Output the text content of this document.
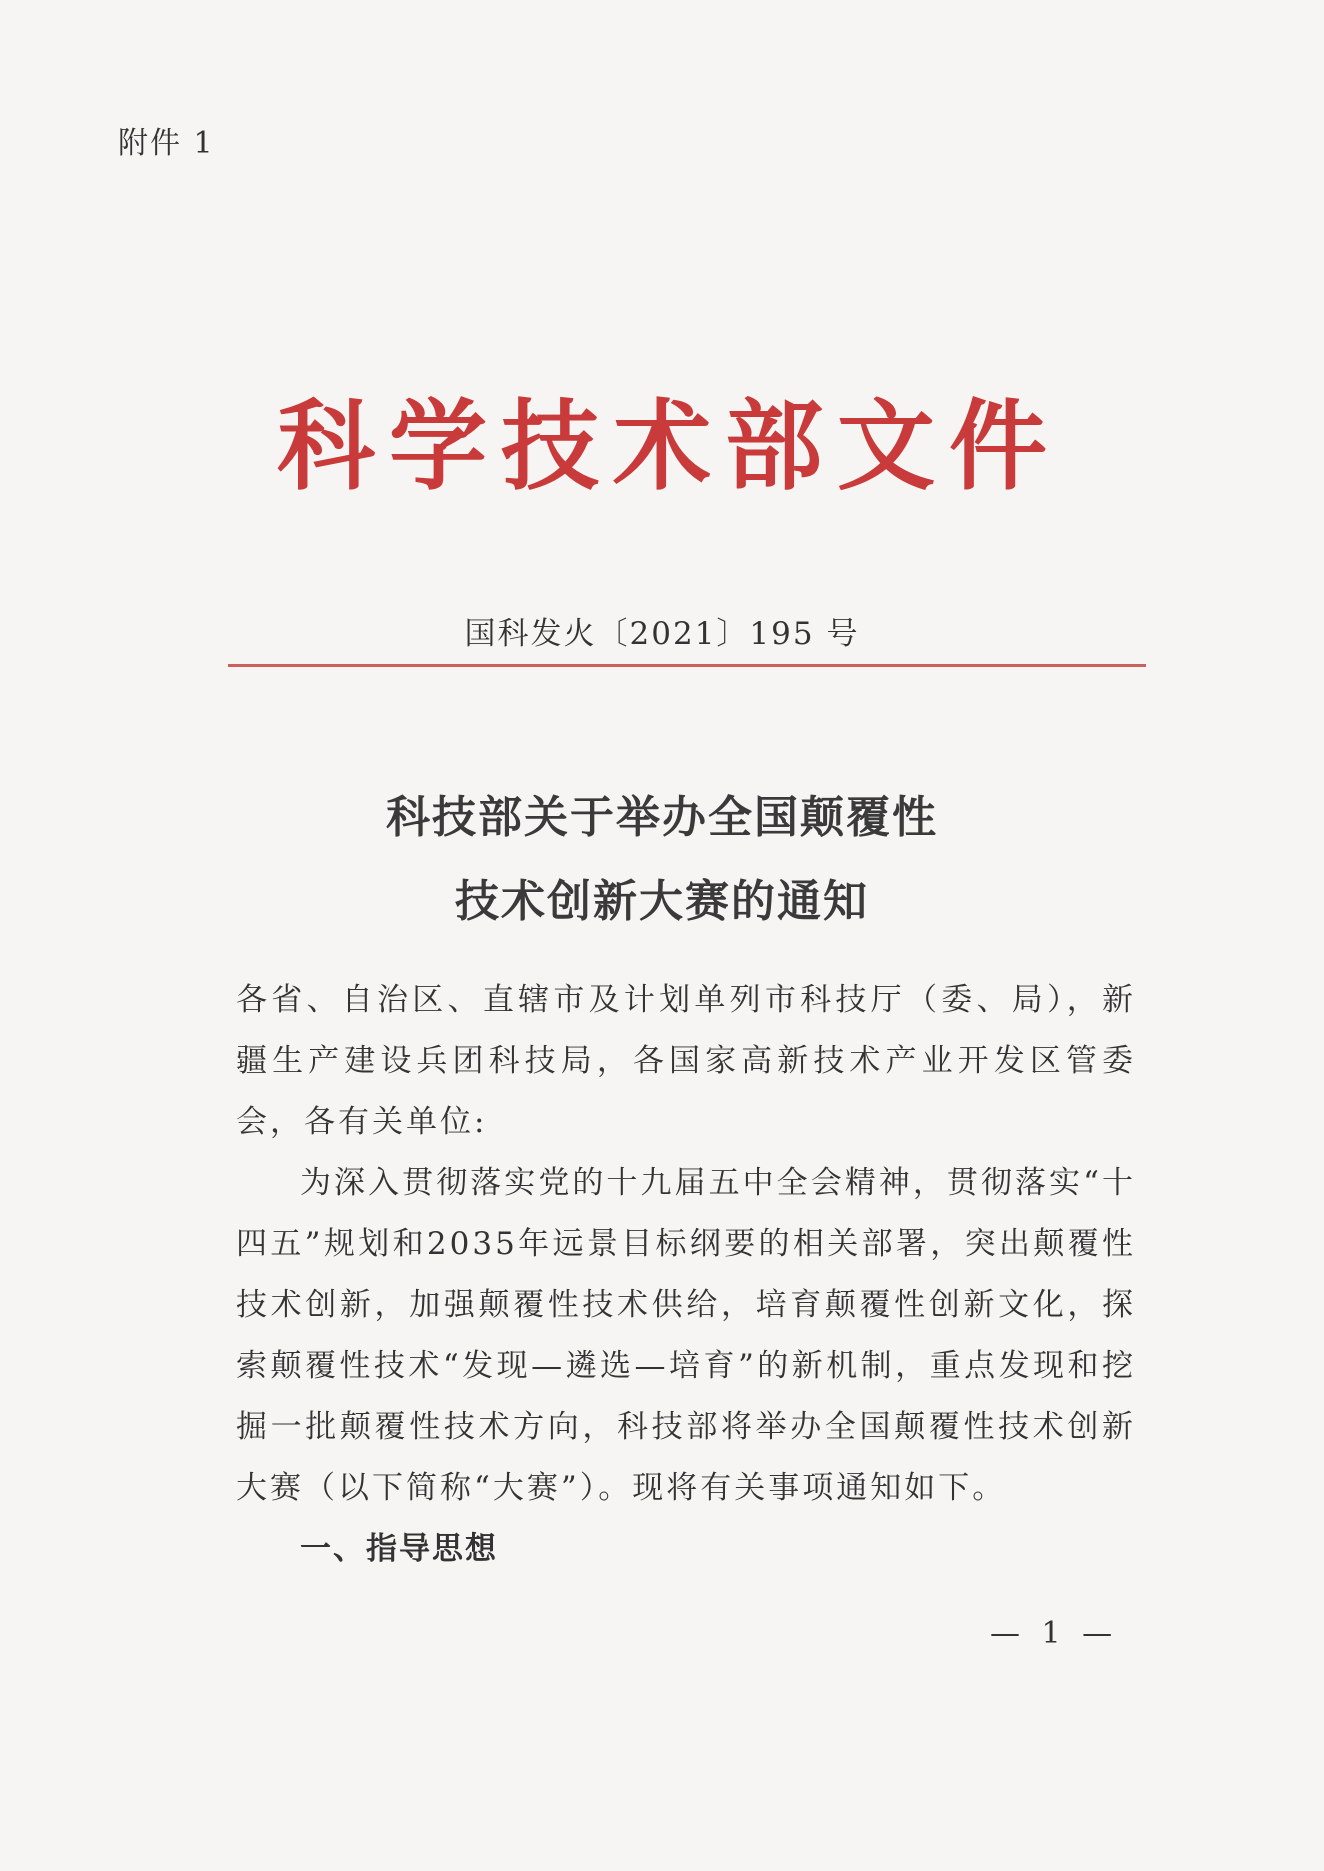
附件 1
科学技术部文件
国科发火〔2021〕195 号
科技部关于举办全国颠覆性
技术创新大赛的通知

各省、自治区、直辖市及计划单列市科技厅（委、局），新疆生产建设兵团科技局，各国家高新技术产业开发区管委会，各有关单位:

为深入贯彻落实党的十九届五中全会精神，贯彻落实“十四五”规划和2035年远景目标纲要的相关部署，突出颠覆性技术创新，加强颠覆性技术供给，培育颠覆性创新文化，探索颠覆性技术“发现—遴选—培育”的新机制，重点发现和挖掘一批颠覆性技术方向，科技部将举办全国颠覆性技术创新大赛（以下简称“大赛”）。现将有关事项通知如下。

一、指导思想

— 1 —
